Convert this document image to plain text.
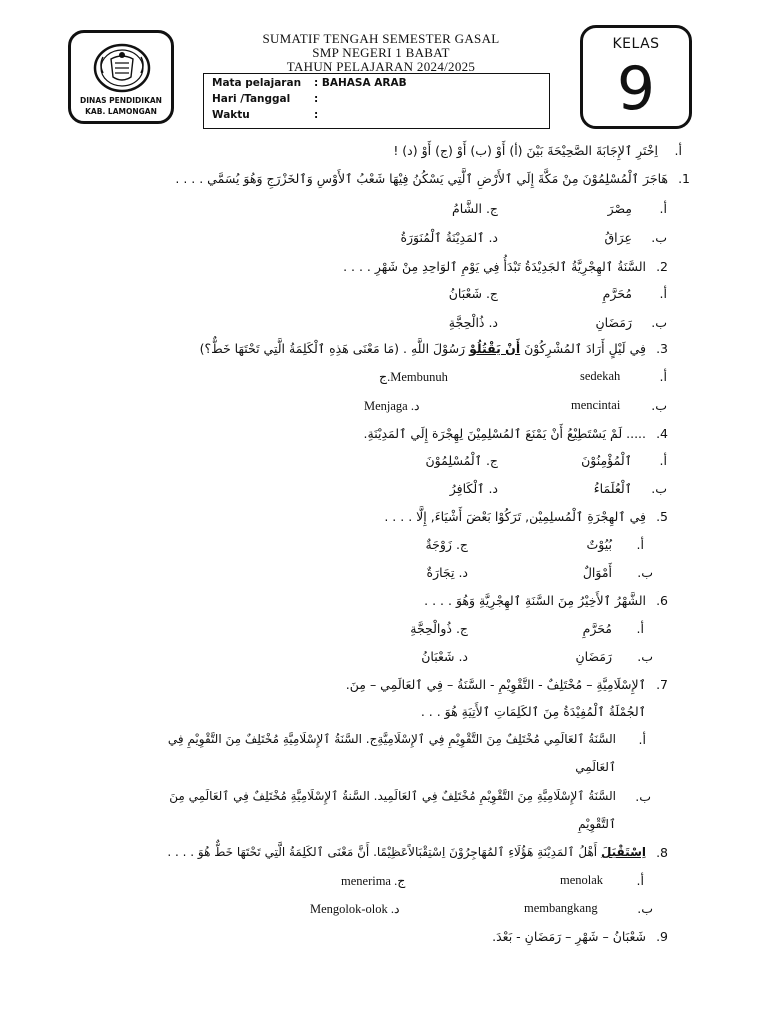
DINAS PENDIDIKAN
KAB. LAMONGAN
SUMATIF TENGAH SEMESTER GASAL
SMP NEGERI 1 BABAT
TAHUN PELAJARAN 2024/2025
KELAS
9
Mata pelajaran : BAHASA ARAB
Hari /Tanggal :
Waktu	:
أ.
اِخْتَرِ ٱلإِجَابَةَ الصَّحِيْحَةَ بَيْنَ (أ) أَوْ (ب) أَوْ (ج) أَوْ (د) !
1.
هَاجَرَ ٱلْمُسْلِمُوْنَ مِنْ مَكَّةَ إِلَي ٱلأَرْضِ ٱلَّتِي يَسْكُنُ فِيْهَا شَعْبُ ٱلأَوْسِ وَٱلخَزْرَجِ وَهُوَ يُسَمَّي . . . .
أ.
مِصْرَ
ج. الشَّامُ
ب.
عِرَاقُ
د. ٱلمَدِيْنَةُ ٱلْمُنَوَرَةُ
2.
السَّنَةُ ٱلهِجْرِيَّةُ ٱلجَدِيْدَةُ تَبْدَأُ فِي يَوْمِ ٱلوَاحِدِ مِنْ شَهْرِ . . . .
أ.
مُحَرَّمِ
ج. شَعْبَانُ
ب.
رَمَضَانِ
د. ذُالْحِجَّةِ
3.
فِي لَيْلٍ أَرَادَ ٱلمُشْرِكُوْنَ أَنْ يَقْتُلُوْ رَسُوْلَ اللَّهِ . (مَا مَعْنَى هَذِهِ ٱلْكَلِمَةُ الَّتِي تَحْتَهَا خَطٌّ؟)
أ.
sedekah
ج.Membunuh
ب.
mencintai
Menjaga .د
4.
..... لَمْ يَسْتَطِيْعُ أَنْ يَمْنَعَ ٱلمُسْلِمِيْنَ لِهِجْرَة إِلَي ٱلمَدِيْنَةِ.
أ.
ٱلْمُؤْمِنُوْنَ
ج. ٱلْمُسْلِمُوْنَ
ب.
ٱلْعُلَمَاءُ
د. ٱلْكَافِرُ
5.
فِي ٱلهِجْرَةِ ٱلْمُسلِمِيْن, تَرَكُوْا بَعْضَ أَشْيَاءَ, إِلَّا . . . .
أ.
بُيُوْتٌ
ج. زَوْجَةٌ
ب.
أَمْوَالٌ
د. تِجَارَةٌ
6.
الشَّهْرُ ٱلأَخِيْرُ مِنَ السَّنَةِ ٱلهِجْرِيَّةِ وَهُوَ . . . .
أ.
مُحَرَّمِ
ج. ذُوالْحِجَّةِ
ب.
رَمَضَانِ
د. شَعْبَانُ
7.
ٱلإِسْلَامِيَّةِ – مُخْتَلِفٌ - التَّقْوِيْمِ - السَّنَةُ – فِي ٱلعَالَمِي – مِنَ.
ٱلجُمْلَةُ ٱلْمُفِيْدَةُ مِنَ ٱلكَلِمَاتِ ٱلأَتِيَةِ هُوَ . . .
أ.
السَّنَةُ ٱلعَالَمِي مُخْتَلِفٌ مِنَ التَّقْوِيْمِ فِي ٱلإِسْلَامِيَّةِج. السَّنَةُ ٱلإِسْلَامِيَّةِ مُخْتَلِفٌ مِنَ التَّقْوِيْمِ فِي
ٱلعَالَمِي
ب.
السَّنَةُ ٱلإِسْلَامِيَّةِ مِنَ التَّقْوِيْمِ مُخْتَلِفٌ فِي ٱلعَالَمِيد. السَّنةُ ٱلإِسْلَامِيَّةِ مُخْتَلِفٌ فِي ٱلعَالَمِي مِنَ
ٱلتَّقْوِيْمِ
8.
اِسْتَقْبَلَ أَهْلُ ٱلمَدِيْنَةِ هَؤُلَاءِ ٱلمُهَاجِرُوْنَ اِسْتِقْبَالاًعَظِيْمًا. أَنَّ مَعْنَى ٱلكَلِمَةُ الَّتِي تَحْتَهَا خَطٌّ هُوَ . . . .
أ.
menolak
menerima .ج
ب.
membangkang
Mengolok-olok .د
9.
شَعْبَانُ – شَهْرِ – رَمَضَانِ - بَعْدَ.
